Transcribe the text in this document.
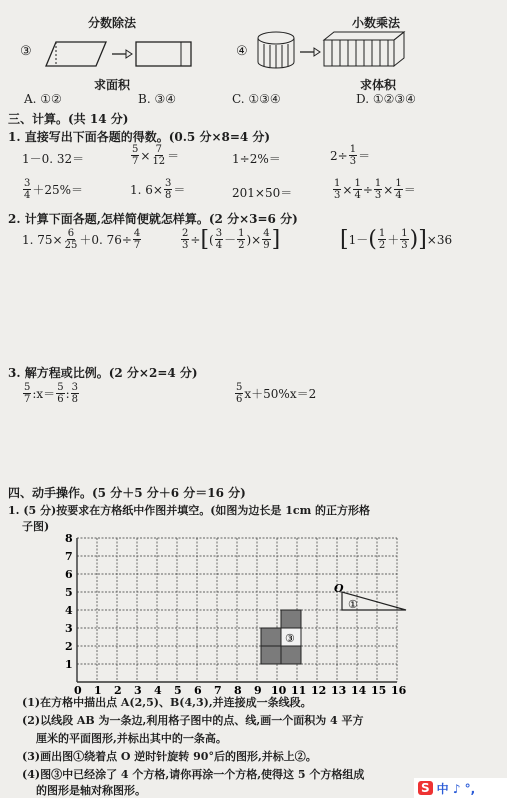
分数除法	小数乘法
③
求面积
④
求体积
A. ①②	B. ③④	C. ①③④	D. ①②③④
三、计算。(共 14 分)
1. 直接写出下面各题的得数。(0.5 分×8=4 分)
1－0. 32＝	$\frac{5}{7} \times \frac{7}{12}$ ＝	1÷2%＝	$2\div \frac{1}{3}$ ＝
$\frac{3}{4} +25\%=$	1. $6\times \frac{3}{8}$ ＝	201×50＝	$\frac{1}{3} \times \frac{1}{4} \div \frac{1}{3} \times \frac{1}{4}$ ＝
2. 计算下面各题,怎样简便就怎样算。(2 分×3=6 分)
1. $75\times \frac{6}{25} +0$. $76\div \frac{4}{7}$	$\frac{2}{3}$ ÷ [ ( $\frac{3}{4} - \frac{1}{2}$ )× $\frac{4}{9}$ ]	[ 1－ ( $\frac{1}{2} + \frac{1}{3}$ ) ] ×36
3. 解方程或比例。(2 分×2=4 分)
$\frac{5}{7}$ :x＝ $\frac{5}{6}$ : $\frac{3}{8}$	$\frac{5}{6} x+50\%x=2$
四、动手操作。(5 分＋5 分＋6 分＝16 分)
1. (5 分)按要求在方格纸中作图并填空。(如图为边长是 1cm 的正方形格
子图)
8
7
6
5
4
3
2
1
0 1 2 3 4 5 6 7 8 9 10 11 12 13 14 15 16
③
O
①
(1)在方格中描出点 A(2,5)、B(4,3),并连接成一条线段。
(2)以线段 AB 为一条边,利用格子图中的点、线,画一个面积为 4 平方
厘米的平面图形,并标出其中的一条高。
(3)画出图①绕着点 O 逆时针旋转 90°后的图形,并标上②。
(4)图③中已经涂了 4 个方格,请你再涂一个方格,使得这 5 个方格组成
的图形是轴对称图形。	S 中 ♪ °,
